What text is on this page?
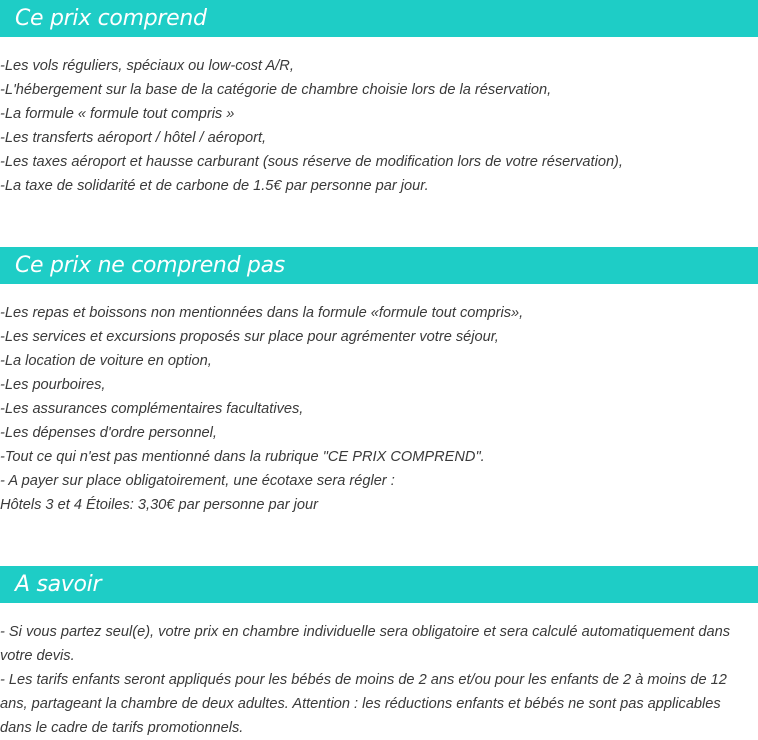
Ce prix comprend
-Les vols réguliers, spéciaux ou low-cost A/R,
-L'hébergement sur la base de la catégorie de chambre choisie lors de la réservation,
-La formule « formule tout compris »
-Les transferts aéroport / hôtel / aéroport,
-Les taxes aéroport et hausse carburant (sous réserve de modification lors de votre réservation),
-La taxe de solidarité et de carbone de 1.5€ par personne par jour.
Ce prix ne comprend pas
-Les repas et boissons non mentionnées dans la formule «formule tout compris»,
-Les services et excursions proposés sur place pour agrémenter votre séjour,
-La location de voiture en option,
-Les pourboires,
-Les assurances complémentaires facultatives,
-Les dépenses d'ordre personnel,
-Tout ce qui n'est pas mentionné dans la rubrique "CE PRIX COMPREND".
- A payer sur place obligatoirement, une écotaxe sera régler :
Hôtels 3 et 4 Étoiles: 3,30€ par personne par jour
A savoir

- Si vous partez seul(e), votre prix en chambre individuelle sera obligatoire et sera calculé automatiquement dans votre devis.

- Les tarifs enfants seront appliqués pour les bébés de moins de 2 ans et/ou pour les enfants de 2 à moins de 12 ans, partageant la chambre de deux adultes. Attention : les réductions enfants et bébés ne sont pas applicables dans le cadre de tarifs promotionnels.
